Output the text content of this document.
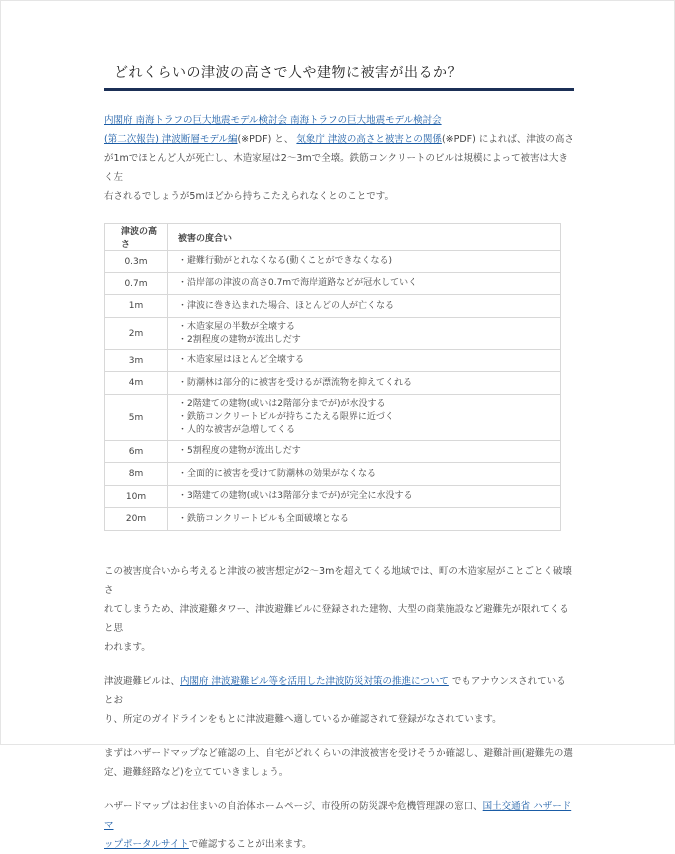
どれくらいの津波の高さで人や建物に被害が出るか？
内閣府 南海トラフの巨大地震モデル検討会 南海トラフの巨大地震モデル検討会
(第二次報告) 津波断層モデル編(※PDF) と、 気象庁 津波の高さと被害との関係(※PDF) によれば、津波の高さ
が1mでほとんど人が死亡し、木造家屋は2～3mで全壊。鉄筋コンクリートのビルは規模によって被害は大きく左
右されるでしょうが5mほどから持ちこたえられなくとのことです。
津波の高さ	被害の度合い
0.3m	・避難行動がとれなくなる(動くことができなくなる)

0.7m	・沿岸部の津波の高さ0.7mで海岸道路などが冠水していく

1m	・津波に巻き込まれた場合、ほとんどの人が亡くなる

2m	・木造家屋の半数が全壊する
・2割程度の建物が流出しだす

3m	・木造家屋はほとんど全壊する

4m	・防潮林は部分的に被害を受けるが漂流物を抑えてくれる

5m	・2階建ての建物(或いは2階部分までが)が水没する
・鉄筋コンクリートビルが持ちこたえる限界に近づく
・人的な被害が急増してくる

6m	・5割程度の建物が流出しだす

8m	・全面的に被害を受けて防潮林の効果がなくなる

10m	・3階建ての建物(或いは3階部分までが)が完全に水没する

20m	・鉄筋コンクリートビルも全面破壊となる
この被害度合いから考えると津波の被害想定が2～3mを超えてくる地域では、町の木造家屋がことごとく破壊さ
れてしまうため、津波避難タワー、津波避難ビルに登録された建物、大型の商業施設など避難先が限れてくると思
われます。
津波避難ビルは、内閣府 津波避難ビル等を活用した津波防災対策の推進について でもアナウンスされているとお
り、所定のガイドラインをもとに津波避難へ適しているか確認されて登録がなされています。
まずはハザードマップなど確認の上、自宅がどれくらいの津波被害を受けそうか確認し、避難計画(避難先の選
定、避難経路など)を立てていきましょう。
ハザードマップはお住まいの自治体ホームページ、市役所の防災課や危機管理課の窓口、国土交通省 ハザードマ
ップポータルサイトで確認することが出来ます。
